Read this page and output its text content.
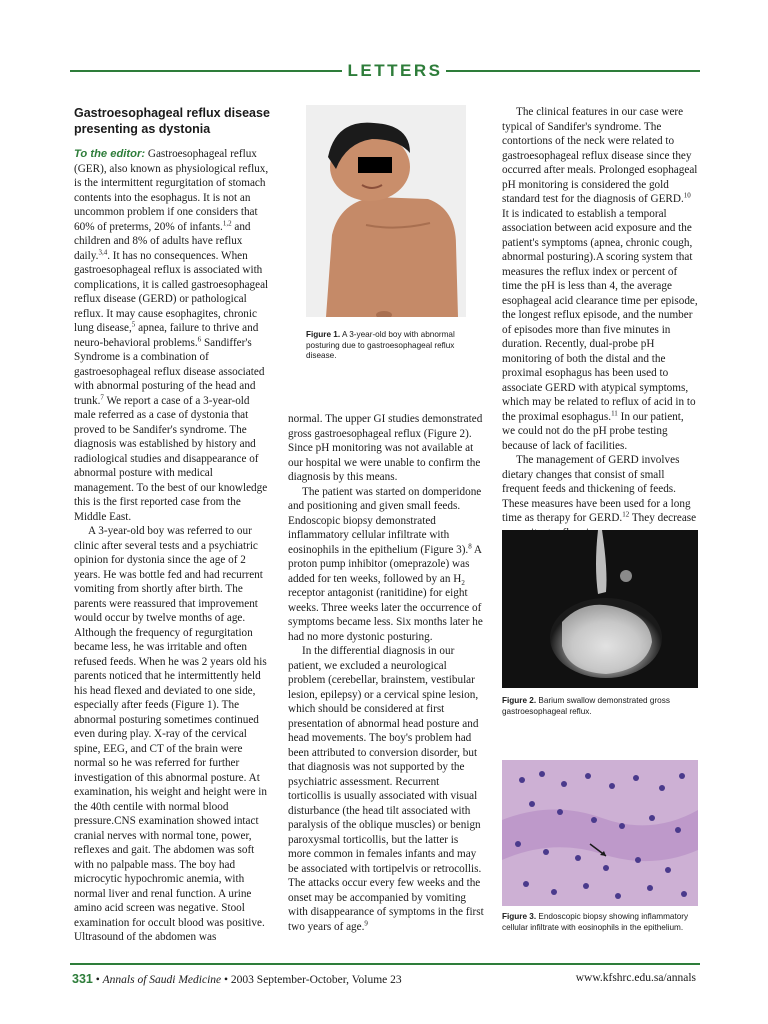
LETTERS
Gastroesophageal reflux disease presenting as dystonia

To the editor: Gastroesophageal reflux (GER), also known as physiological reflux, is the intermittent regurgitation of stomach contents into the esophagus. It is not an uncommon problem if one considers that 60% of preterms, 20% of infants.$^{1,2}$ and children and 8% of adults have reflux daily.$^{3,4}$. It has no consequences. When gastroesophageal reflux is associated with complications, it is called gastroesophageal reflux disease (GERD) or pathological reflux. It may cause esophagites, chronic lung disease,$^5$ apnea, failure to thrive and neuro-behavioral problems.$^6$ Sandiffer's Syndrome is a combination of gastroesophageal reflux disease associated with abnormal posturing of the head and trunk.$^7$ We report a case of a 3-year-old male referred as a case of dystonia that proved to be Sandifer's syndrome. The diagnosis was established by history and radiological studies and disappearance of abnormal posture with medical management. To the best of our knowledge this is the first reported case from the Middle East.

A 3-year-old boy was referred to our clinic after several tests and a psychiatric opinion for dystonia since the age of 2 years. He was bottle fed and had recurrent vomiting from shortly after birth. The parents were reassured that improvement would occur by twelve months of age. Although the frequency of regurgitation became less, he was irritable and often refused feeds. When he was 2 years old his parents noticed that he intermittently held his head flexed and deviated to one side, especially after feeds (Figure 1). The abnormal posturing sometimes continued even during play. X-ray of the cervical spine, EEG, and CT of the brain were normal so he was referred for further investigation of this abnormal posture. At examination, his weight and height were in the 40th centile with normal blood pressure.CNS examination showed intact cranial nerves with normal tone, power, reflexes and gait. The abdomen was soft with no palpable mass. The boy had microcytic hypochromic anemia, with normal liver and renal function. A urine amino acid screen was negative. Stool examination for occult blood was positive. Ultrasound of the abdomen was

Figure 1. A 3-year-old boy with abnormal posturing due to gastroesophageal reflux disease.

normal. The upper GI studies demonstrated gross gastroesophageal reflux (Figure 2). Since pH monitoring was not available at our hospital we were unable to confirm the diagnosis by this means.

The patient was started on domperidone and positioning and given small feeds. Endoscopic biopsy demonstrated inflammatory cellular infiltrate with eosinophils in the epithelium (Figure 3).$^8$ A proton pump inhibitor (omeprazole) was added for ten weeks, followed by an $H_2$ receptor antagonist (ranitidine) for eight weeks. Three weeks later the occurrence of symptoms became less. Six months later he had no more dystonic posturing.

In the differential diagnosis in our patient, we excluded a neurological problem (cerebellar, brainstem, vestibular lesion, epilepsy) or a cervical spine lesion, which should be considered at first presentation of abnormal head posture and head movements. The boy's problem had been attributed to conversion disorder, but that diagnosis was not supported by the psychiatric assessment. Recurrent torticollis is usually associated with visual disturbance (the head tilt associated with paralysis of the oblique muscles) or benign paroxysmal torticollis, but the latter is more common in females infants and may be associated with tortipelvis or retrocollis. The attacks occur every few weeks and the onset may be accompanied by vomiting with disappearance of symptoms in the first two years of age.$^9$

The clinical features in our case were typical of Sandifer's syndrome. The contortions of the neck were related to gastroesophageal reflux disease since they occurred after meals. Prolonged esophageal pH monitoring is considered the gold standard test for the diagnosis of GERD.$^{10}$ It is indicated to establish a temporal association between acid exposure and the patient's symptoms (apnea, chronic cough, abnormal posturing).A scoring system that measures the reflux index or percent of time the pH is less than 4, the average esophageal acid clearance time per episode, the longest reflux episode, and the number of episodes more than five minutes in duration. Recently, dual-probe pH monitoring of both the distal and the proximal esophagus has been used to associate GERD with atypical symptoms, which may be related to reflux of acid in to the proximal esophagus.$^{11}$ In our patient, we could not do the pH probe testing because of lack of facilities.

The management of GERD involves dietary changes that consist of small frequent feeds and thickening of feeds. These measures have been used for a long time as therapy for GERD.$^{12}$ They decrease

Figure 2. Barium swallow demonstrated gross gastroesophageal reflux.
Figure 3. Endoscopic biopsy showing inflammatory cellular infiltrate with eosinophils in the epithelium.
331 • Annals of Saudi Medicine • 2003 September-October, Volume 23	www.kfshrc.edu.sa/annals
